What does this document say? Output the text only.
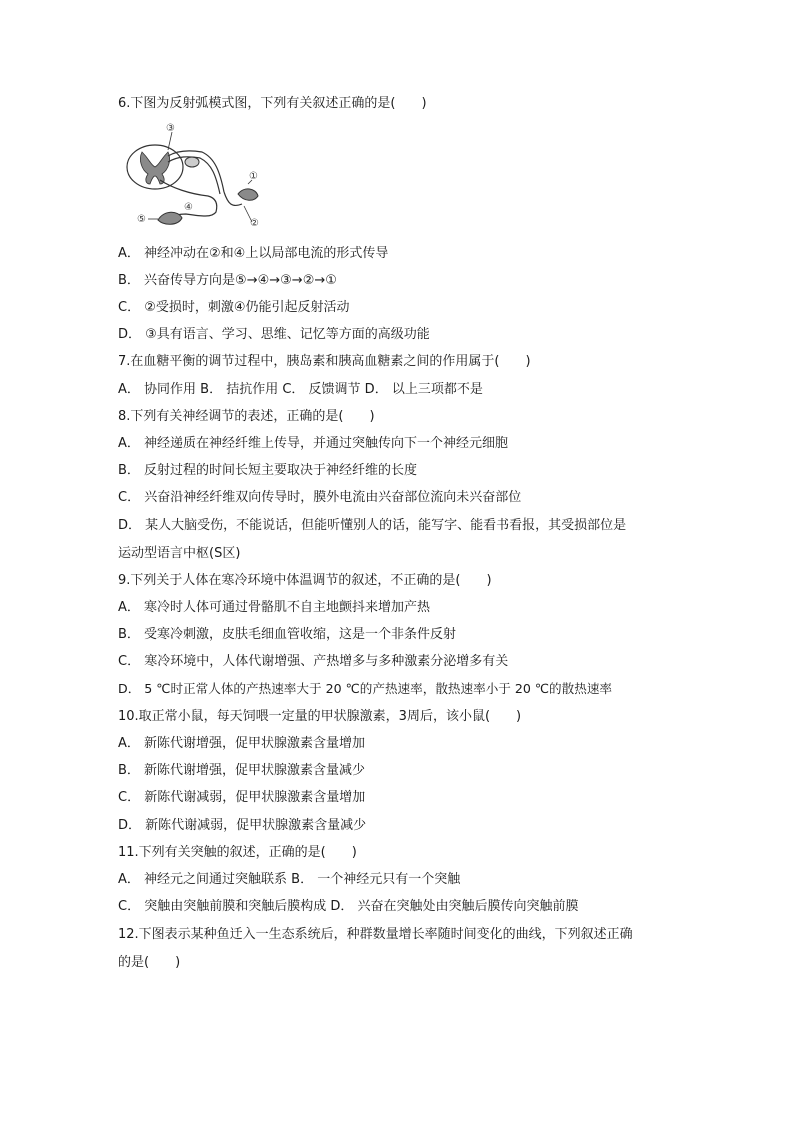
6.下图为反射弧模式图，下列有关叙述正确的是(　　)
③
①
②
④
⑤
A． 神经冲动在②和④上以局部电流的形式传导
B． 兴奋传导方向是⑤→④→③→②→①
C． ②受损时，刺激④仍能引起反射活动
D． ③具有语言、学习、思维、记忆等方面的高级功能
7.在血糖平衡的调节过程中，胰岛素和胰高血糖素之间的作用属于(　　)
A． 协同作用 B． 拮抗作用 C． 反馈调节 D． 以上三项都不是
8.下列有关神经调节的表述，正确的是(　　)
A． 神经递质在神经纤维上传导，并通过突触传向下一个神经元细胞
B． 反射过程的时间长短主要取决于神经纤维的长度
C． 兴奋沿神经纤维双向传导时，膜外电流由兴奋部位流向未兴奋部位
D． 某人大脑受伤，不能说话，但能听懂别人的话，能写字、能看书看报，其受损部位是
运动型语言中枢(S区)
9.下列关于人体在寒冷环境中体温调节的叙述，不正确的是(　　)
A． 寒冷时人体可通过骨骼肌不自主地颤抖来增加产热
B． 受寒冷刺激，皮肤毛细血管收缩，这是一个非条件反射
C． 寒冷环境中，人体代谢增强、产热增多与多种激素分泌增多有关
D． 5 ℃时正常人体的产热速率大于 20 ℃的产热速率，散热速率小于 20 ℃的散热速率
10.取正常小鼠，每天饲喂一定量的甲状腺激素，3周后，该小鼠(　　)
A． 新陈代谢增强，促甲状腺激素含量增加
B． 新陈代谢增强，促甲状腺激素含量减少
C． 新陈代谢减弱，促甲状腺激素含量增加
D． 新陈代谢减弱，促甲状腺激素含量减少
11.下列有关突触的叙述，正确的是(　　)
A． 神经元之间通过突触联系 B． 一个神经元只有一个突触
C． 突触由突触前膜和突触后膜构成 D． 兴奋在突触处由突触后膜传向突触前膜
12.下图表示某种鱼迁入一生态系统后，种群数量增长率随时间变化的曲线，下列叙述正确
的是(　　)
